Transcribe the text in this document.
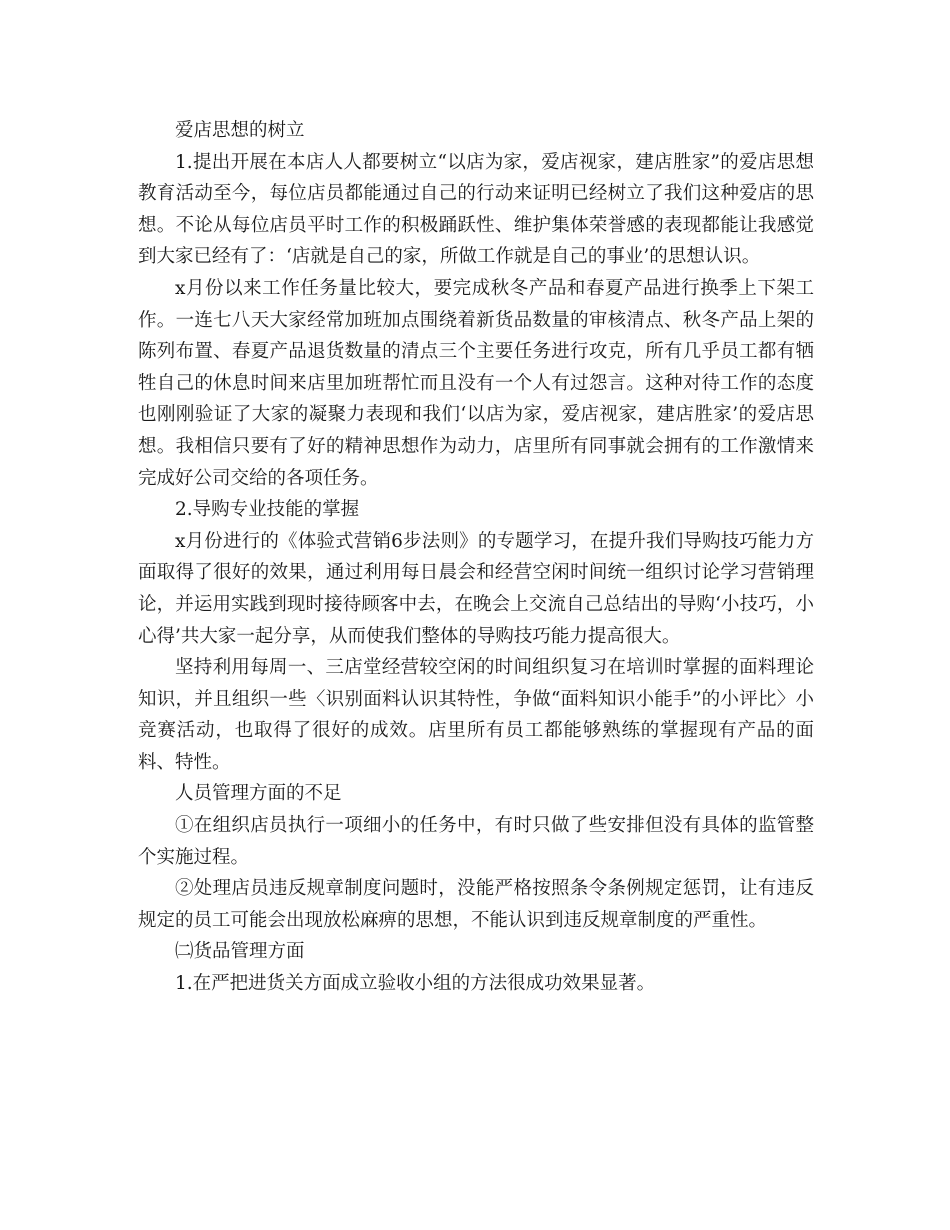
爱店思想的树立

1.提出开展在本店人人都要树立“以店为家，爱店视家，建店胜家”的爱店思想教育活动至今，每位店员都能通过自己的行动来证明已经树立了我们这种爱店的思想。不论从每位店员平时工作的积极踊跃性、维护集体荣誉感的表现都能让我感觉到大家已经有了：‘店就是自己的家，所做工作就是自己的事业’的思想认识。

x月份以来工作任务量比较大，要完成秋冬产品和春夏产品进行换季上下架工作。一连七八天大家经常加班加点围绕着新货品数量的审核清点、秋冬产品上架的陈列布置、春夏产品退货数量的清点三个主要任务进行攻克，所有几乎员工都有牺牲自己的休息时间来店里加班帮忙而且没有一个人有过怨言。这种对待工作的态度也刚刚验证了大家的凝聚力表现和我们‘以店为家，爱店视家，建店胜家’的爱店思想。我相信只要有了好的精神思想作为动力，店里所有同事就会拥有的工作激情来完成好公司交给的各项任务。

2.导购专业技能的掌握

x月份进行的《体验式营销6步法则》的专题学习，在提升我们导购技巧能力方面取得了很好的效果，通过利用每日晨会和经营空闲时间统一组织讨论学习营销理论，并运用实践到现时接待顾客中去，在晚会上交流自己总结出的导购‘小技巧，小心得’共大家一起分享，从而使我们整体的导购技巧能力提高很大。

坚持利用每周一、三店堂经营较空闲的时间组织复习在培训时掌握的面料理论知识，并且组织一些〈识别面料认识其特性，争做“面料知识小能手”的小评比〉小竞赛活动，也取得了很好的成效。店里所有员工都能够熟练的掌握现有产品的面料、特性。

人员管理方面的不足

①在组织店员执行一项细小的任务中，有时只做了些安排但没有具体的监管整个实施过程。

②处理店员违反规章制度问题时，没能严格按照条令条例规定惩罚，让有违反规定的员工可能会出现放松麻痹的思想，不能认识到违反规章制度的严重性。

㈡货品管理方面

1.在严把进货关方面成立验收小组的方法很成功效果显著。
